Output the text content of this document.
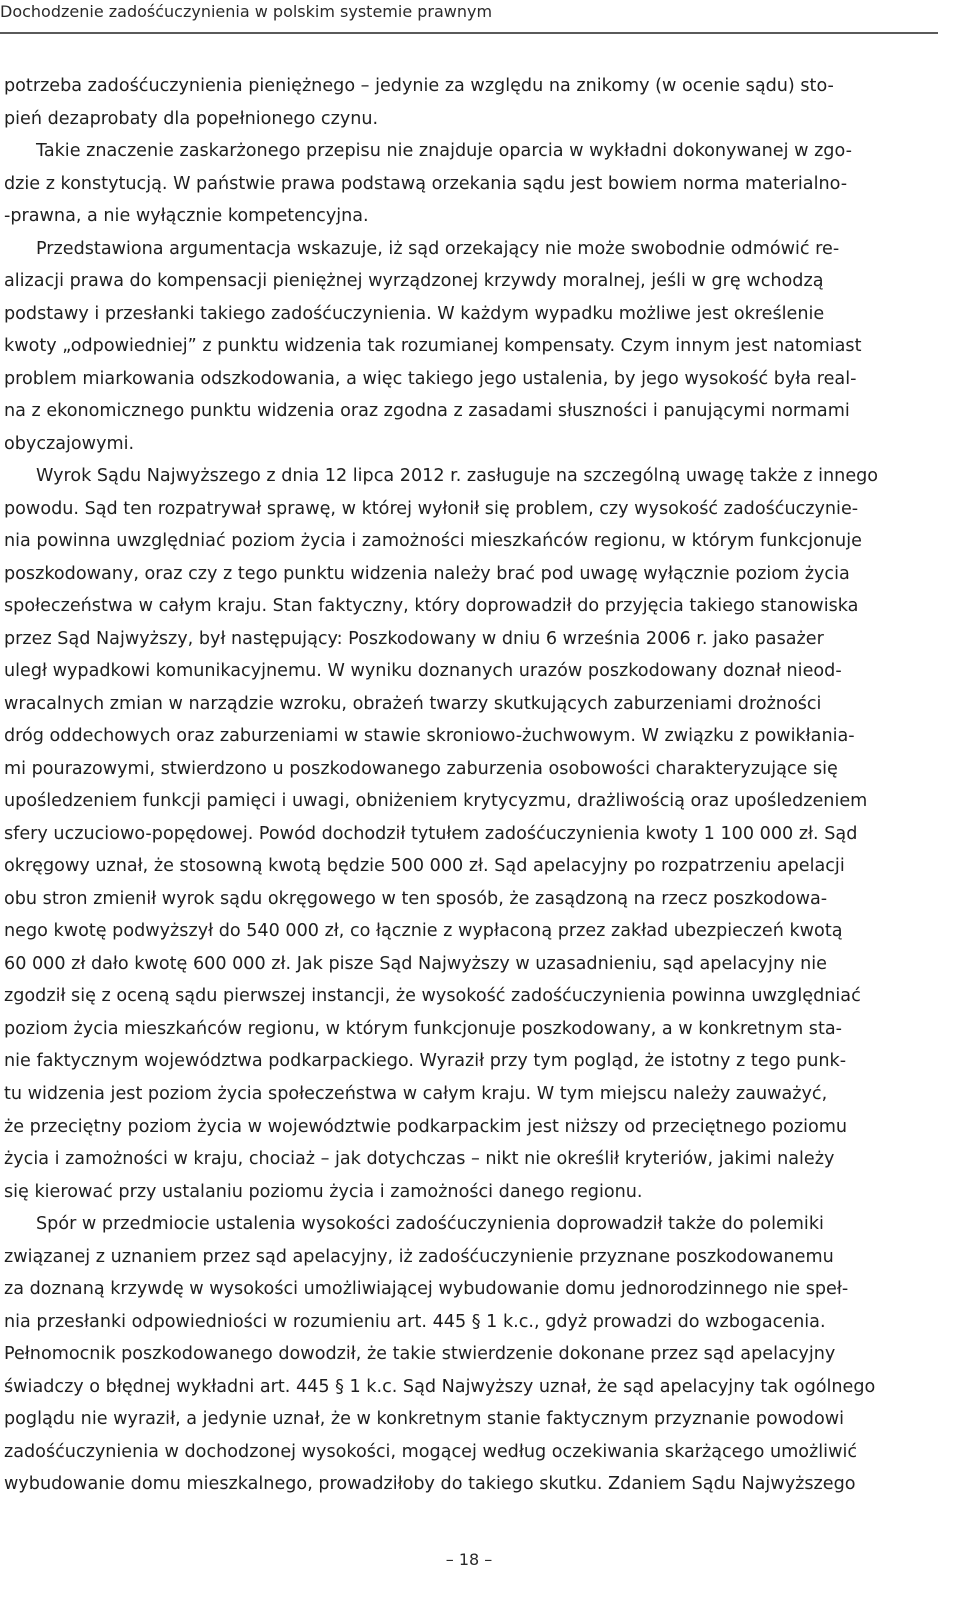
Dochodzenie zadośćuczynienia w polskim systemie prawnym
potrzeba zadośćuczynienia pieniężnego – jedynie za względu na znikomy (w ocenie sądu) sto-
pień dezaprobaty dla popełnionego czynu.
Takie znaczenie zaskarżonego przepisu nie znajduje oparcia w wykładni dokonywanej w zgo-
dzie z konstytucją. W państwie prawa podstawą orzekania sądu jest bowiem norma materialno-
-prawna, a nie wyłącznie kompetencyjna.
Przedstawiona argumentacja wskazuje, iż sąd orzekający nie może swobodnie odmówić re-
alizacji prawa do kompensacji pieniężnej wyrządzonej krzywdy moralnej, jeśli w grę wchodzą
podstawy i przesłanki takiego zadośćuczynienia. W każdym wypadku możliwe jest określenie
kwoty „odpowiedniej” z punktu widzenia tak rozumianej kompensaty. Czym innym jest natomiast
problem miarkowania odszkodowania, a więc takiego jego ustalenia, by jego wysokość była real-
na z ekonomicznego punktu widzenia oraz zgodna z zasadami słuszności i panującymi normami
obyczajowymi.
Wyrok Sądu Najwyższego z dnia 12 lipca 2012 r. zasługuje na szczególną uwagę także z innego
powodu. Sąd ten rozpatrywał sprawę, w której wyłonił się problem, czy wysokość zadośćuczynie-
nia powinna uwzględniać poziom życia i zamożności mieszkańców regionu, w którym funkcjonuje
poszkodowany, oraz czy z tego punktu widzenia należy brać pod uwagę wyłącznie poziom życia
społeczeństwa w całym kraju. Stan faktyczny, który doprowadził do przyjęcia takiego stanowiska
przez Sąd Najwyższy, był następujący: Poszkodowany w dniu 6 września 2006 r. jako pasażer
uległ wypadkowi komunikacyjnemu. W wyniku doznanych urazów poszkodowany doznał nieod-
wracalnych zmian w narządzie wzroku, obrażeń twarzy skutkujących zaburzeniami drożności
dróg oddechowych oraz zaburzeniami w stawie skroniowo-żuchwowym. W związku z powikłania-
mi pourazowymi, stwierdzono u poszkodowanego zaburzenia osobowości charakteryzujące się
upośledzeniem funkcji pamięci i uwagi, obniżeniem krytycyzmu, drażliwością oraz upośledzeniem
sfery uczuciowo-popędowej. Powód dochodził tytułem zadośćuczynienia kwoty 1 100 000 zł. Sąd
okręgowy uznał, że stosowną kwotą będzie 500 000 zł. Sąd apelacyjny po rozpatrzeniu apelacji
obu stron zmienił wyrok sądu okręgowego w ten sposób, że zasądzoną na rzecz poszkodowa-
nego kwotę podwyższył do 540 000 zł, co łącznie z wypłaconą przez zakład ubezpieczeń kwotą
60 000 zł dało kwotę 600 000 zł. Jak pisze Sąd Najwyższy w uzasadnieniu, sąd apelacyjny nie
zgodził się z oceną sądu pierwszej instancji, że wysokość zadośćuczynienia powinna uwzględniać
poziom życia mieszkańców regionu, w którym funkcjonuje poszkodowany, a w konkretnym sta-
nie faktycznym województwa podkarpackiego. Wyraził przy tym pogląd, że istotny z tego punk-
tu widzenia jest poziom życia społeczeństwa w całym kraju. W tym miejscu należy zauważyć,
że przeciętny poziom życia w województwie podkarpackim jest niższy od przeciętnego poziomu
życia i zamożności w kraju, chociaż – jak dotychczas – nikt nie określił kryteriów, jakimi należy
się kierować przy ustalaniu poziomu życia i zamożności danego regionu.
Spór w przedmiocie ustalenia wysokości zadośćuczynienia doprowadził także do polemiki
związanej z uznaniem przez sąd apelacyjny, iż zadośćuczynienie przyznane poszkodowanemu
za doznaną krzywdę w wysokości umożliwiającej wybudowanie domu jednorodzinnego nie speł-
nia przesłanki odpowiedniości w rozumieniu art. 445 § 1 k.c., gdyż prowadzi do wzbogacenia.
Pełnomocnik poszkodowanego dowodził, że takie stwierdzenie dokonane przez sąd apelacyjny
świadczy o błędnej wykładni art. 445 § 1 k.c. Sąd Najwyższy uznał, że sąd apelacyjny tak ogólnego
poglądu nie wyraził, a jedynie uznał, że w konkretnym stanie faktycznym przyznanie powodowi
zadośćuczynienia w dochodzonej wysokości, mogącej według oczekiwania skarżącego umożliwić
wybudowanie domu mieszkalnego, prowadziłoby do takiego skutku. Zdaniem Sądu Najwyższego
– 18 –
